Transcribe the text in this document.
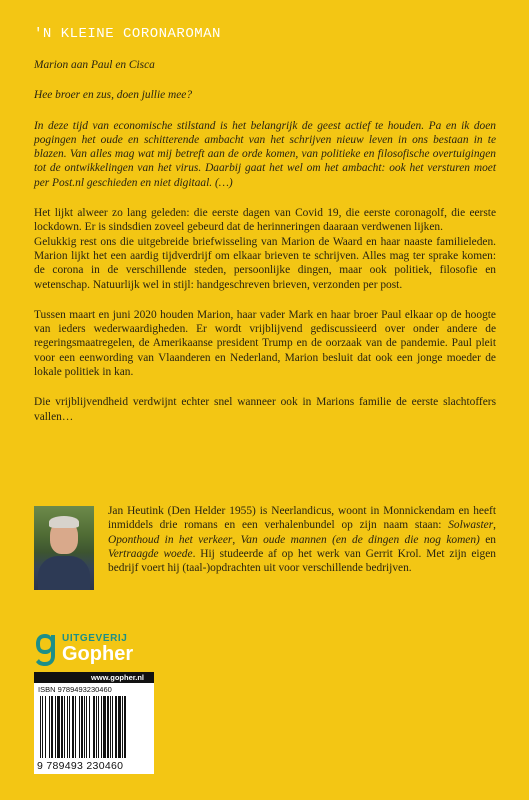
'N KLEINE CORONAROMAN

Marion aan Paul en Cisca

Hee broer en zus, doen jullie mee?

In deze tijd van economische stilstand is het belangrijk de geest actief te houden. Pa en ik doen pogingen het oude en schitterende ambacht van het schrijven nieuw leven in ons bestaan in te blazen. Van alles mag wat mij betreft aan de orde komen, van politieke en filosofische overtuigingen tot de ontwikkelingen van het virus. Daarbij gaat het wel om het ambacht: ook het versturen moet per Post.nl geschieden en niet digitaal. (…)

Het lijkt alweer zo lang geleden: die eerste dagen van Covid 19, die eerste coronagolf, die eerste lockdown. Er is sindsdien zoveel gebeurd dat de herinneringen daaraan verdwenen lijken.

Gelukkig rest ons die uitgebreide briefwisseling van Marion de Waard en haar naaste familieleden. Marion lijkt het een aardig tijdverdrijf om elkaar brieven te schrijven. Alles mag ter sprake komen: de corona in de verschillende steden, persoonlijke dingen, maar ook politiek, filosofie en wetenschap. Natuurlijk wel in stijl: handgeschreven brieven, verzonden per post.

Tussen maart en juni 2020 houden Marion, haar vader Mark en haar broer Paul elkaar op de hoogte van ieders wederwaardigheden. Er wordt vrijblijvend gediscussieerd over onder andere de regeringsmaatregelen, de Amerikaanse president Trump en de oorzaak van de pandemie. Paul pleit voor een eenwording van Vlaanderen en Nederland, Marion besluit dat ook een jonge moeder de lokale politiek in kan.

Die vrijblijvendheid verdwijnt echter snel wanneer ook in Marions familie de eerste slachtoffers vallen…

Jan Heutink (Den Helder 1955) is Neerlandicus, woont in Monnickendam en heeft inmiddels drie romans en een verhalenbundel op zijn naam staan: Solwaster, Oponthoud in het verkeer, Van oude mannen (en de dingen die nog komen) en Vertraagde woede. Hij studeerde af op het werk van Gerrit Krol. Met zijn eigen bedrijf voert hij (taal-)opdrachten uit voor verschillende bedrijven.

UITGEVERIJ
Gopher
www.gopher.nl
ISBN 9789493230460
9 789493 230460
